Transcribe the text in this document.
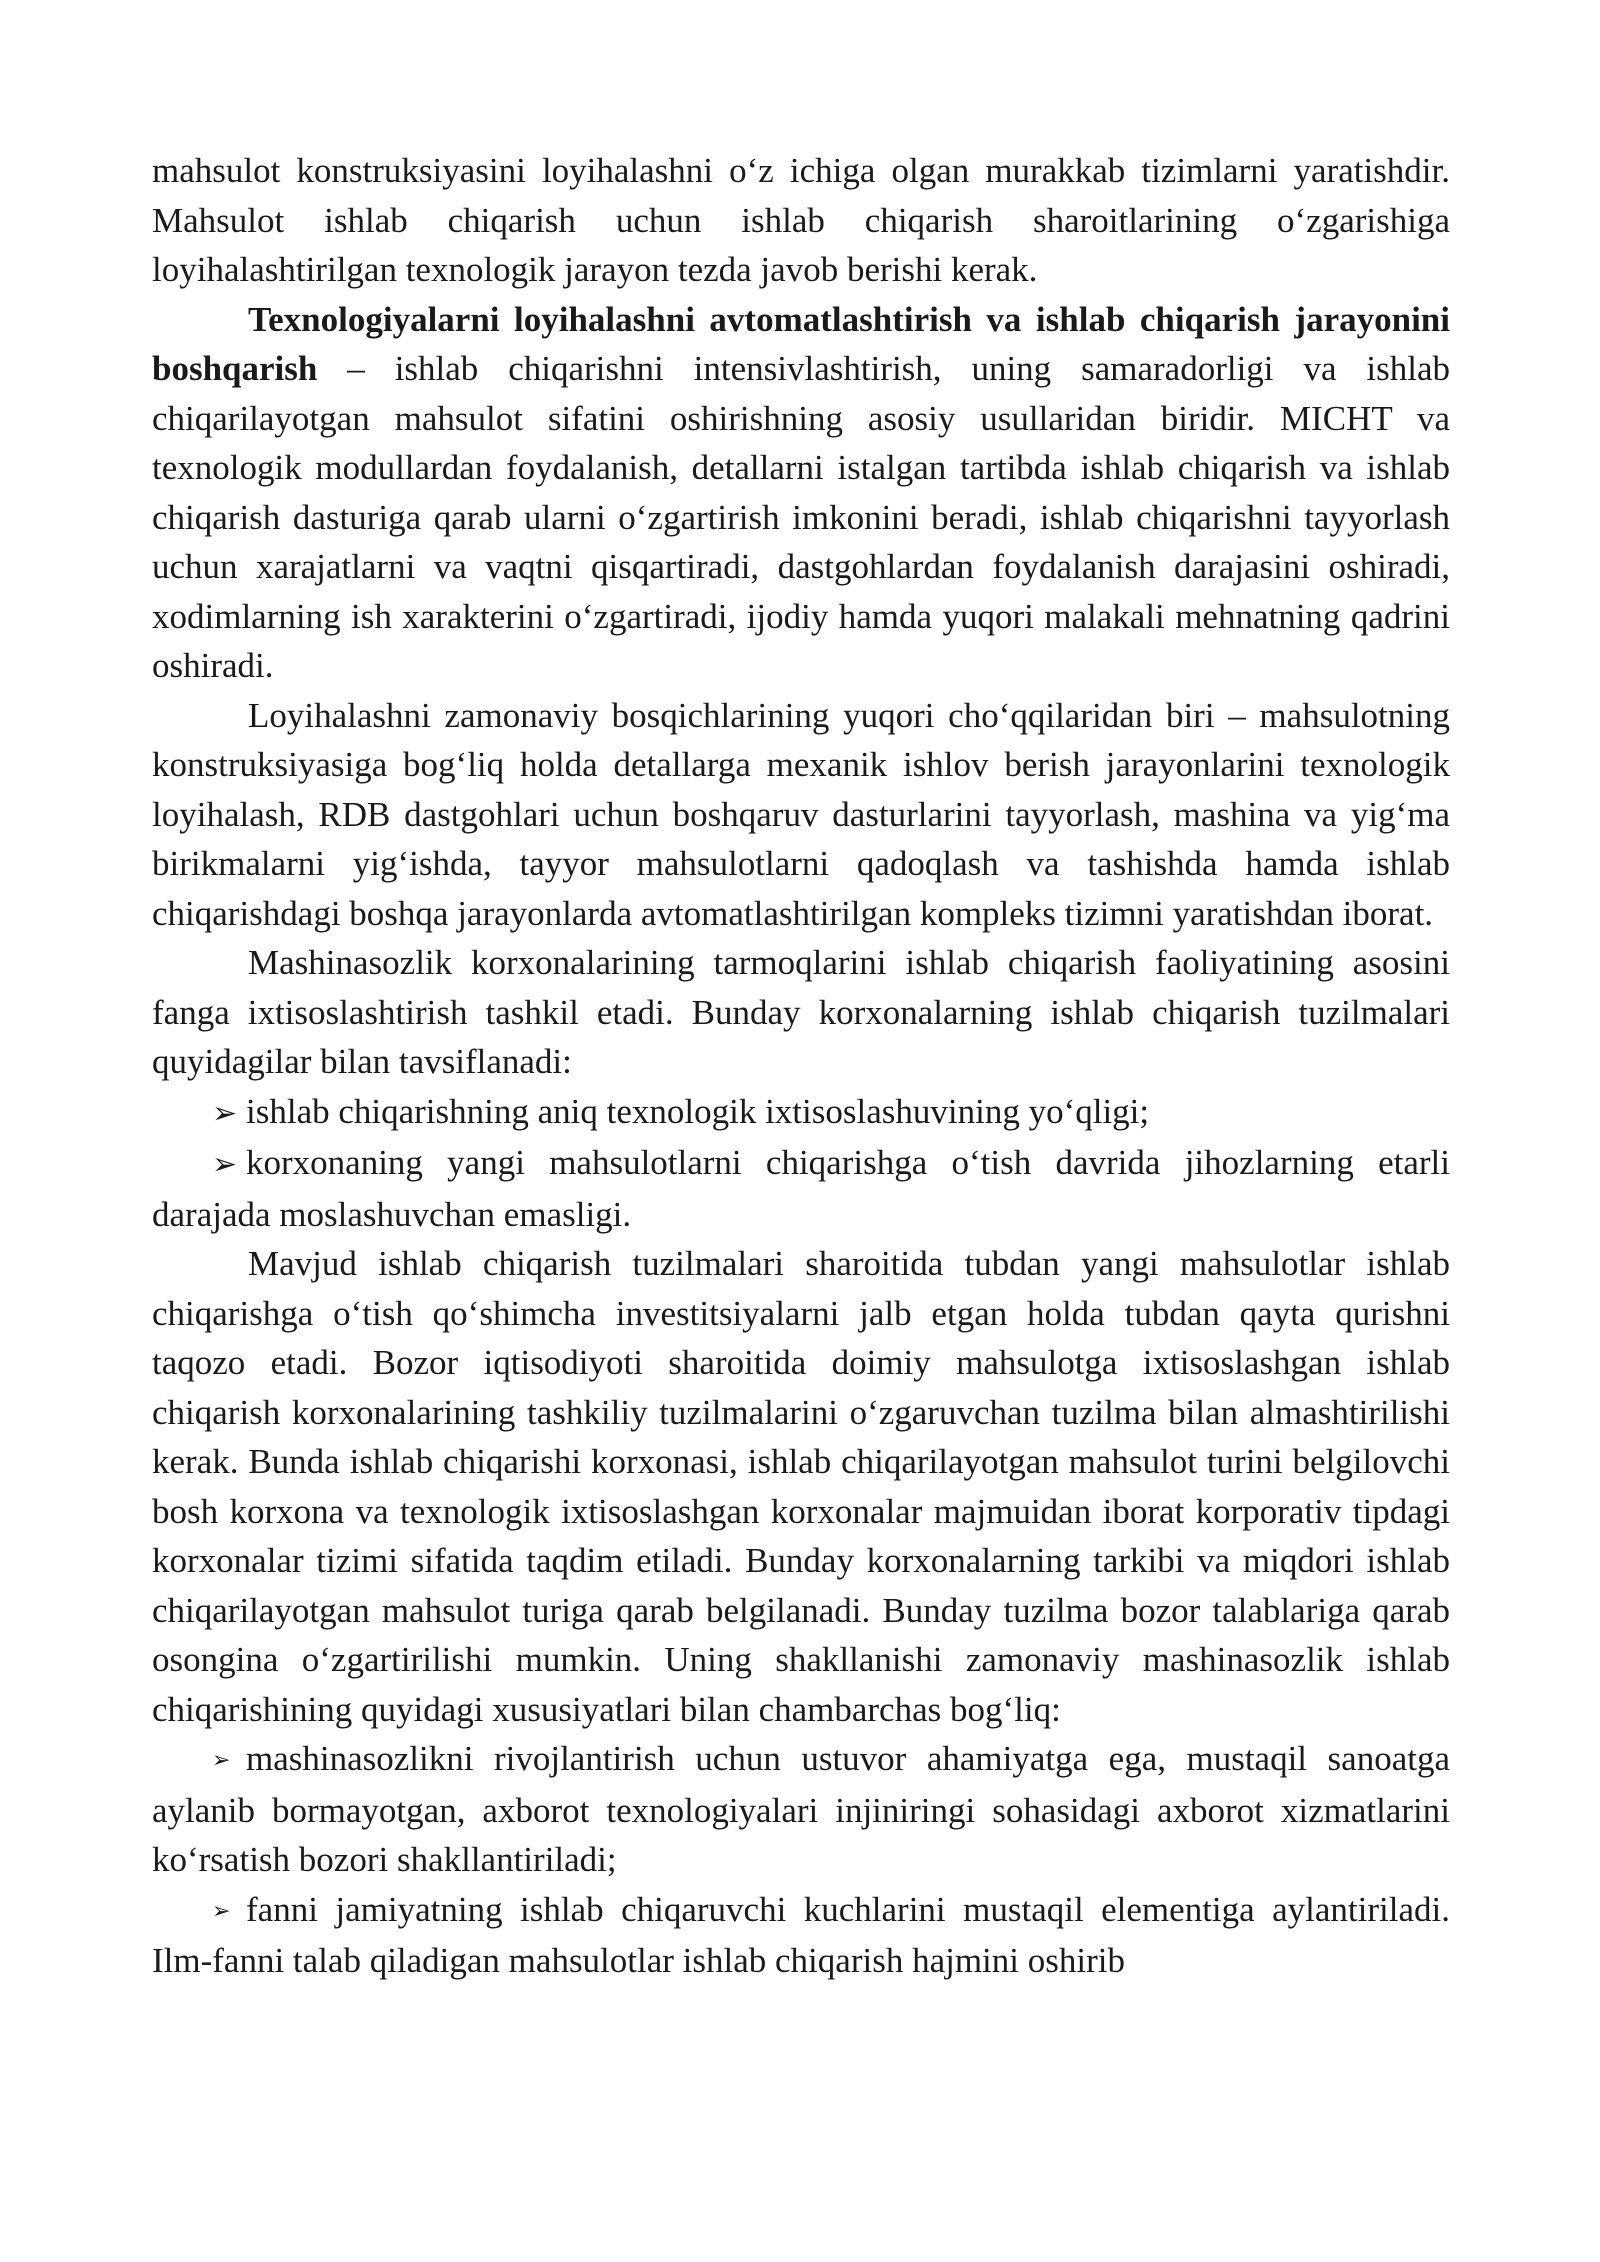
mahsulot konstruksiyasini loyihalashni o‘z ichiga olgan murakkab tizimlarni yaratishdir. Mahsulot ishlab chiqarish uchun ishlab chiqarish sharoitlarining o‘zgarishiga loyihalashtirilgan texnologik jarayon tezda javob berishi kerak.

Texnologiyalarni loyihalashni avtomatlashtirish va ishlab chiqarish jarayonini boshqarish – ishlab chiqarishni intensivlashtirish, uning samaradorligi va ishlab chiqarilayotgan mahsulot sifatini oshirishning asosiy usullaridan biridir. MICHT va texnologik modullardan foydalanish, detallarni istalgan tartibda ishlab chiqarish va ishlab chiqarish dasturiga qarab ularni o‘zgartirish imkonini beradi, ishlab chiqarishni tayyorlash uchun xarajatlarni va vaqtni qisqartiradi, dastgohlardan foydalanish darajasini oshiradi, xodimlarning ish xarakterini o‘zgartiradi, ijodiy hamda yuqori malakali mehnatning qadrini oshiradi.

Loyihalashni zamonaviy bosqichlarining yuqori cho‘qqilaridan biri – mahsulotning konstruksiyasiga bog‘liq holda detallarga mexanik ishlov berish jarayonlarini texnologik loyihalash, RDB dastgohlari uchun boshqaruv dasturlarini tayyorlash, mashina va yig‘ma birikmalarni yig‘ishda, tayyor mahsulotlarni qadoqlash va tashishda hamda ishlab chiqarishdagi boshqa jarayonlarda avtomatlashtirilgan kompleks tizimni yaratishdan iborat.

Mashinasozlik korxonalarining tarmoqlarini ishlab chiqarish faoliyatining asosini fanga ixtisoslashtirish tashkil etadi. Bunday korxonalarning ishlab chiqarish tuzilmalari quyidagilar bilan tavsiflanadi:

➢ ishlab chiqarishning aniq texnologik ixtisoslashuvining yo‘qligi;

➢ korxonaning yangi mahsulotlarni chiqarishga o‘tish davrida jihozlarning etarli darajada moslashuvchan emasligi.

Mavjud ishlab chiqarish tuzilmalari sharoitida tubdan yangi mahsulotlar ishlab chiqarishga o‘tish qo‘shimcha investitsiyalarni jalb etgan holda tubdan qayta qurishni taqozo etadi. Bozor iqtisodiyoti sharoitida doimiy mahsulotga ixtisoslashgan ishlab chiqarish korxonalarining tashkiliy tuzilmalarini o‘zgaruvchan tuzilma bilan almashtirilishi kerak. Bunda ishlab chiqarishi korxonasi, ishlab chiqarilayotgan mahsulot turini belgilovchi bosh korxona va texnologik ixtisoslashgan korxonalar majmuidan iborat korporativ tipdagi korxonalar tizimi sifatida taqdim etiladi. Bunday korxonalarning tarkibi va miqdori ishlab chiqarilayotgan mahsulot turiga qarab belgilanadi. Bunday tuzilma bozor talablariga qarab osongina o‘zgartirilishi mumkin. Uning shakllanishi zamonaviy mashinasozlik ishlab chiqarishining quyidagi xususiyatlari bilan chambarchas bog‘liq:

➢ mashinasozlikni rivojlantirish uchun ustuvor ahamiyatga ega, mustaqil sanoatga aylanib bormayotgan, axborot texnologiyalari injiniringi sohasidagi axborot xizmatlarini ko‘rsatish bozori shakllantiriladi;

➢ fanni jamiyatning ishlab chiqaruvchi kuchlarini mustaqil elementiga aylantiriladi. Ilm-fanni talab qiladigan mahsulotlar ishlab chiqarish hajmini oshirib
